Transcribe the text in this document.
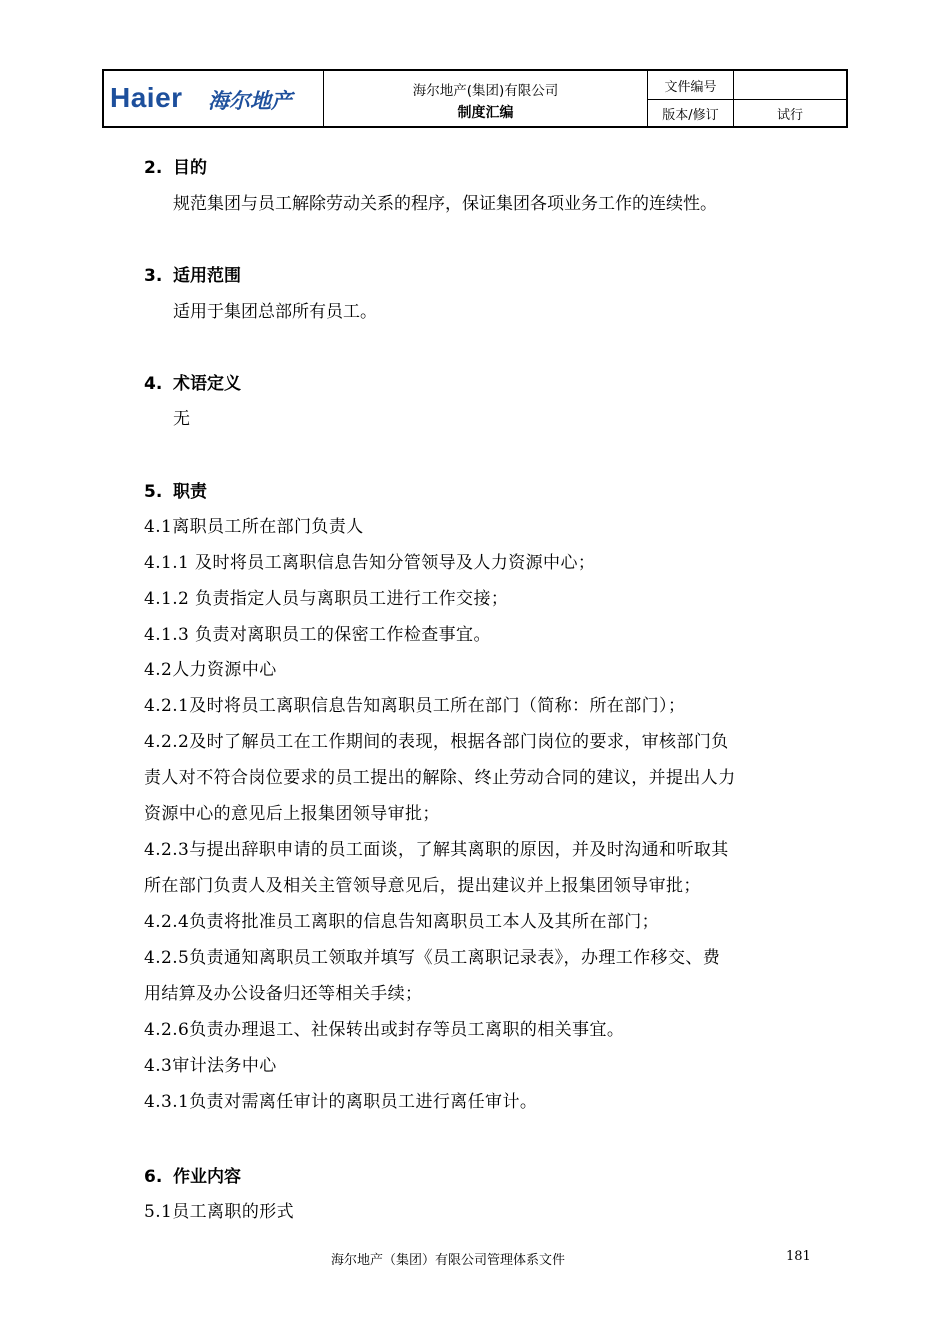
Haier 海尔地产	海尔地产(集团)有限公司
制度汇编
文件编号
版本/修订	试行
2. 目的
规范集团与员工解除劳动关系的程序，保证集团各项业务工作的连续性。
3. 适用范围
适用于集团总部所有员工。
4. 术语定义
无
5. 职责
4.1离职员工所在部门负责人
4.1.1 及时将员工离职信息告知分管领导及人力资源中心；
4.1.2 负责指定人员与离职员工进行工作交接；
4.1.3 负责对离职员工的保密工作检查事宜。
4.2人力资源中心
4.2.1及时将员工离职信息告知离职员工所在部门（简称：所在部门）；
4.2.2及时了解员工在工作期间的表现，根据各部门岗位的要求，审核部门负
责人对不符合岗位要求的员工提出的解除、终止劳动合同的建议，并提出人力
资源中心的意见后上报集团领导审批；
4.2.3与提出辞职申请的员工面谈，了解其离职的原因，并及时沟通和听取其
所在部门负责人及相关主管领导意见后，提出建议并上报集团领导审批；
4.2.4负责将批准员工离职的信息告知离职员工本人及其所在部门；
4.2.5负责通知离职员工领取并填写《员工离职记录表》，办理工作移交、费
用结算及办公设备归还等相关手续；
4.2.6负责办理退工、社保转出或封存等员工离职的相关事宜。
4.3审计法务中心
4.3.1负责对需离任审计的离职员工进行离任审计。
6. 作业内容
5.1员工离职的形式
海尔地产（集团）有限公司管理体系文件	181
